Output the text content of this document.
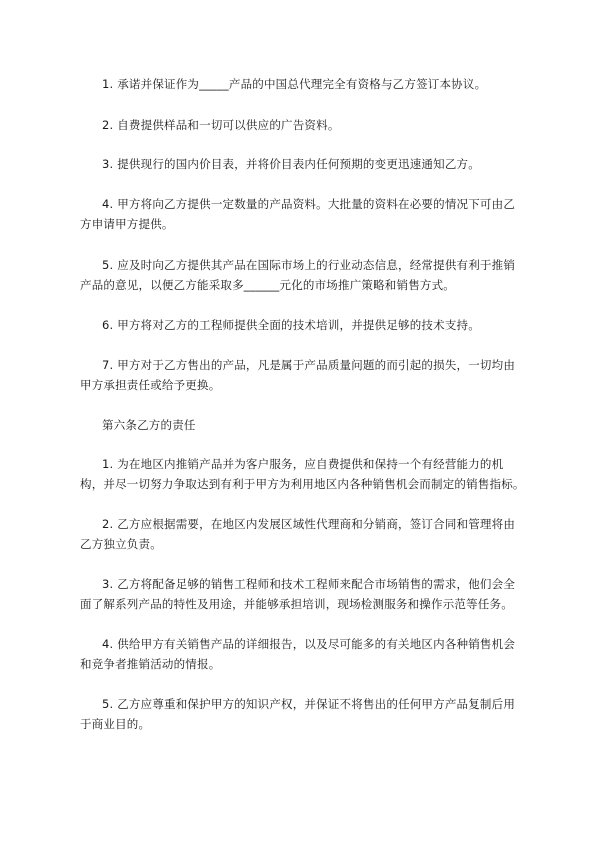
1. 承诺并保证作为_____产品的中国总代理完全有资格与乙方签订本协议。

2. 自费提供样品和一切可以供应的广告资料。

3. 提供现行的国内价目表，并将价目表内任何预期的变更迅速通知乙方。

4. 甲方将向乙方提供一定数量的产品资料。大批量的资料在必要的情况下可由乙方申请甲方提供。

5. 应及时向乙方提供其产品在国际市场上的行业动态信息，经常提供有利于推销产品的意见，以便乙方能采取多______元化的市场推广策略和销售方式。

6. 甲方将对乙方的工程师提供全面的技术培训，并提供足够的技术支持。

7. 甲方对于乙方售出的产品，凡是属于产品质量问题的而引起的损失，一切均由甲方承担责任或给予更换。

第六条乙方的责任

1. 为在地区内推销产品并为客户服务，应自费提供和保持一个有经营能力的机构，并尽一切努力争取达到有利于甲方为利用地区内各种销售机会而制定的销售指标。

2. 乙方应根据需要，在地区内发展区域性代理商和分销商，签订合同和管理将由乙方独立负责。

3. 乙方将配备足够的销售工程师和技术工程师来配合市场销售的需求，他们会全面了解系列产品的特性及用途，并能够承担培训，现场检测服务和操作示范等任务。

4. 供给甲方有关销售产品的详细报告，以及尽可能多的有关地区内各种销售机会和竞争者推销活动的情报。

5. 乙方应尊重和保护甲方的知识产权，并保证不将售出的任何甲方产品复制后用于商业目的。
